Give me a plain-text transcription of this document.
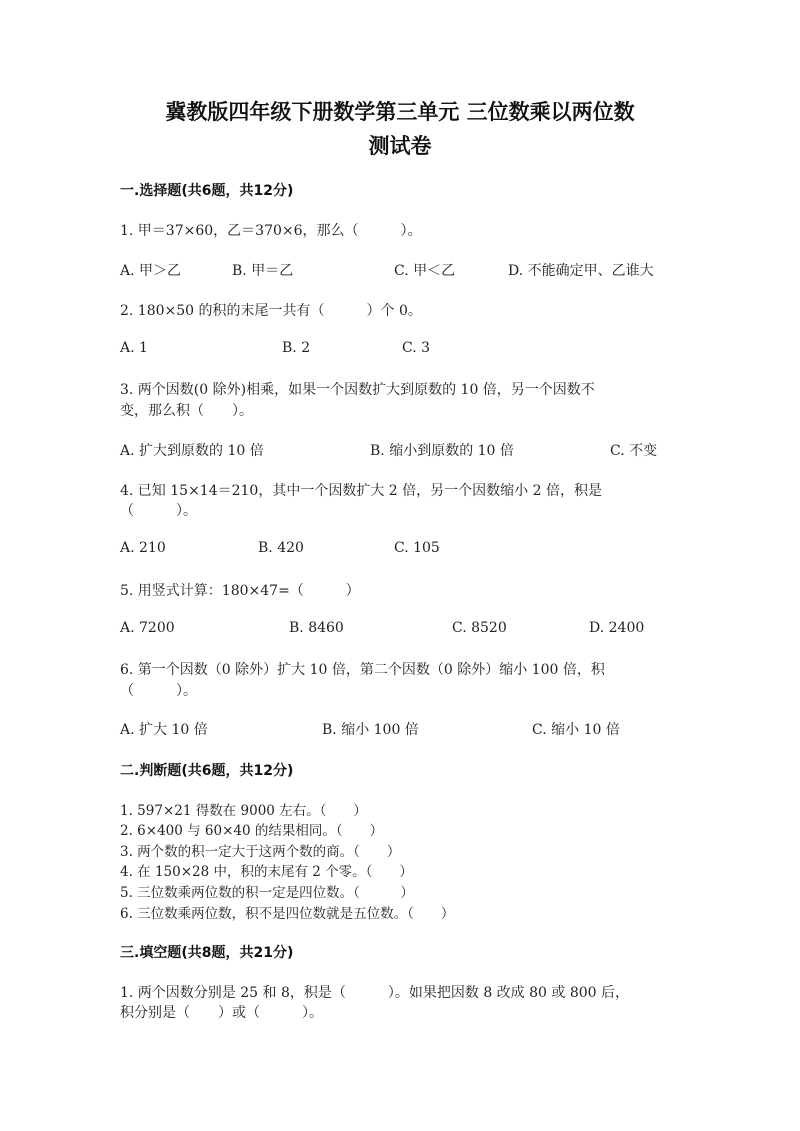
冀教版四年级下册数学第三单元 三位数乘以两位数
测试卷
一.选择题(共6题，共12分)
1. 甲＝37×60，乙＝370×6，那么（　　　）。
A. 甲＞乙	B. 甲＝乙	C. 甲＜乙	D. 不能确定甲、乙谁大
2. 180×50 的积的末尾一共有（　　　）个 0。
A. 1	B. 2	C. 3
3. 两个因数(0 除外)相乘，如果一个因数扩大到原数的 10 倍，另一个因数不
变，那么积（　　）。
A. 扩大到原数的 10 倍	B. 缩小到原数的 10 倍	C. 不变
4. 已知 15×14＝210，其中一个因数扩大 2 倍，另一个因数缩小 2 倍，积是
（　　　）。
A. 210	B. 420	C. 105
5. 用竖式计算：180×47=（　　　）
A. 7200	B. 8460	C. 8520	D. 2400
6. 第一个因数（0 除外）扩大 10 倍，第二个因数（0 除外）缩小 100 倍，积
（　　　）。
A. 扩大 10 倍	B. 缩小 100 倍	C. 缩小 10 倍
二.判断题(共6题，共12分)
1. 597×21 得数在 9000 左右。（　　）
2. 6×400 与 60×40 的结果相同。（　　）
3. 两个数的积一定大于这两个数的商。（　　）
4. 在 150×28 中，积的末尾有 2 个零。（　　）
5. 三位数乘两位数的积一定是四位数。（　　　）
6. 三位数乘两位数，积不是四位数就是五位数。（　　）
三.填空题(共8题，共21分)
1. 两个因数分别是 25 和 8，积是（　　　）。如果把因数 8 改成 80 或 800 后，
积分别是（　　）或（　　　）。
